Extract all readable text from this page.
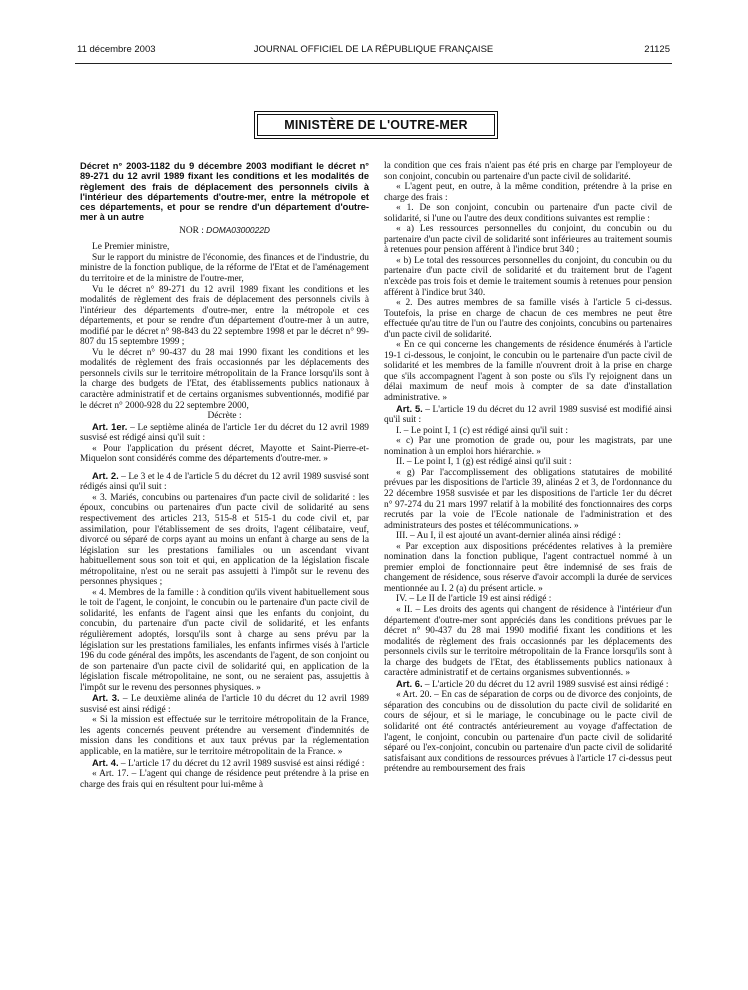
11 décembre 2003	JOURNAL OFFICIEL DE LA RÉPUBLIQUE FRANÇAISE	21125
MINISTÈRE DE L'OUTRE-MER

Décret n° 2003-1182 du 9 décembre 2003 modifiant le décret n° 89-271 du 12 avril 1989 fixant les conditions et les modalités de règlement des frais de déplacement des personnels civils à l'intérieur des départements d'outre-mer, entre la métropole et ces départements, et pour se rendre d'un département d'outre-mer à un autre

NOR : DOMA0300022D

Le Premier ministre,

Sur le rapport du ministre de l'économie, des finances et de l'industrie, du ministre de la fonction publique, de la réforme de l'Etat et de l'aménagement du territoire et de la ministre de l'outre-mer,

Vu le décret n° 89-271 du 12 avril 1989 fixant les conditions et les modalités de règlement des frais de déplacement des personnels civils à l'intérieur des départements d'outre-mer, entre la métropole et ces départements, et pour se rendre d'un département d'outre-mer à un autre, modifié par le décret n° 98-843 du 22 septembre 1998 et par le décret n° 99-807 du 15 septembre 1999 ;

Vu le décret n° 90-437 du 28 mai 1990 fixant les conditions et les modalités de règlement des frais occasionnés par les déplacements des personnels civils sur le territoire métropolitain de la France lorsqu'ils sont à la charge des budgets de l'Etat, des établissements publics nationaux à caractère administratif et de certains organismes subventionnés, modifié par le décret n° 2000-928 du 22 septembre 2000,

Décrète :

Art. 1er. – Le septième alinéa de l'article 1er du décret du 12 avril 1989 susvisé est rédigé ainsi qu'il suit :

« Pour l'application du présent décret, Mayotte et Saint-Pierre-et-Miquelon sont considérés comme des départements d'outre-mer. »

Art. 2. – Le 3 et le 4 de l'article 5 du décret du 12 avril 1989 susvisé sont rédigés ainsi qu'il suit :

« 3. Mariés, concubins ou partenaires d'un pacte civil de solidarité : les époux, concubins ou partenaires d'un pacte civil de solidarité au sens respectivement des articles 213, 515-8 et 515-1 du code civil et, par assimilation, pour l'établissement de ses droits, l'agent célibataire, veuf, divorcé ou séparé de corps ayant au moins un enfant à charge au sens de la législation sur les prestations familiales ou un ascendant vivant habituellement sous son toit et qui, en application de la législation fiscale métropolitaine, n'est ou ne serait pas assujetti à l'impôt sur le revenu des personnes physiques ;

« 4. Membres de la famille : à condition qu'ils vivent habituellement sous le toit de l'agent, le conjoint, le concubin ou le partenaire d'un pacte civil de solidarité, les enfants de l'agent ainsi que les enfants du conjoint, du concubin, du partenaire d'un pacte civil de solidarité, et les enfants régulièrement adoptés, lorsqu'ils sont à charge au sens prévu par la législation sur les prestations familiales, les enfants infirmes visés à l'article 196 du code général des impôts, les ascendants de l'agent, de son conjoint ou de son partenaire d'un pacte civil de solidarité qui, en application de la législation fiscale métropolitaine, ne sont, ou ne seraient pas, assujettis à l'impôt sur le revenu des personnes physiques. »

Art. 3. – Le deuxième alinéa de l'article 10 du décret du 12 avril 1989 susvisé est ainsi rédigé :

« Si la mission est effectuée sur le territoire métropolitain de la France, les agents concernés peuvent prétendre au versement d'indemnités de mission dans les conditions et aux taux prévus par la réglementation applicable, en la matière, sur le territoire métropolitain de la France. »

Art. 4. – L'article 17 du décret du 12 avril 1989 susvisé est ainsi rédigé :

« Art. 17. – L'agent qui change de résidence peut prétendre à la prise en charge des frais qui en résultent pour lui-même à

la condition que ces frais n'aient pas été pris en charge par l'employeur de son conjoint, concubin ou partenaire d'un pacte civil de solidarité.

« L'agent peut, en outre, à la même condition, prétendre à la prise en charge des frais :

« 1. De son conjoint, concubin ou partenaire d'un pacte civil de solidarité, si l'une ou l'autre des deux conditions suivantes est remplie :

« a) Les ressources personnelles du conjoint, du concubin ou du partenaire d'un pacte civil de solidarité sont inférieures au traitement soumis à retenues pour pension afférent à l'indice brut 340 ;

« b) Le total des ressources personnelles du conjoint, du concubin ou du partenaire d'un pacte civil de solidarité et du traitement brut de l'agent n'excède pas trois fois et demie le traitement soumis à retenues pour pension afférent à l'indice brut 340.

« 2. Des autres membres de sa famille visés à l'article 5 ci-dessus. Toutefois, la prise en charge de chacun de ces membres ne peut être effectuée qu'au titre de l'un ou l'autre des conjoints, concubins ou partenaires d'un pacte civil de solidarité.

« En ce qui concerne les changements de résidence énumérés à l'article 19-1 ci-dessous, le conjoint, le concubin ou le partenaire d'un pacte civil de solidarité et les membres de la famille n'ouvrent droit à la prise en charge que s'ils accompagnent l'agent à son poste ou s'ils l'y rejoignent dans un délai maximum de neuf mois à compter de sa date d'installation administrative. »

Art. 5. – L'article 19 du décret du 12 avril 1989 susvisé est modifié ainsi qu'il suit :

I. – Le point I, 1 (c) est rédigé ainsi qu'il suit :

« c) Par une promotion de grade ou, pour les magistrats, par une nomination à un emploi hors hiérarchie. »

II. – Le point I, 1 (g) est rédigé ainsi qu'il suit :

« g) Par l'accomplissement des obligations statutaires de mobilité prévues par les dispositions de l'article 39, alinéas 2 et 3, de l'ordonnance du 22 décembre 1958 susvisée et par les dispositions de l'article 1er du décret n° 97-274 du 21 mars 1997 relatif à la mobilité des fonctionnaires des corps recrutés par la voie de l'Ecole nationale de l'administration et des administrateurs des postes et télécommunications. »

III. – Au I, il est ajouté un avant-dernier alinéa ainsi rédigé :

« Par exception aux dispositions précédentes relatives à la première nomination dans la fonction publique, l'agent contractuel nommé à un premier emploi de fonctionnaire peut être indemnisé de ses frais de changement de résidence, sous réserve d'avoir accompli la durée de services mentionnée au I. 2 (a) du présent article. »

IV. – Le II de l'article 19 est ainsi rédigé :

« II. – Les droits des agents qui changent de résidence à l'intérieur d'un département d'outre-mer sont appréciés dans les conditions prévues par le décret n° 90-437 du 28 mai 1990 modifié fixant les conditions et les modalités de règlement des frais occasionnés par les déplacements des personnels civils sur le territoire métropolitain de la France lorsqu'ils sont à la charge des budgets de l'Etat, des établissements publics nationaux à caractère administratif et de certains organismes subventionnés. »

Art. 6. – L'article 20 du décret du 12 avril 1989 susvisé est ainsi rédigé :

« Art. 20. – En cas de séparation de corps ou de divorce des conjoints, de séparation des concubins ou de dissolution du pacte civil de solidarité en cours de séjour, et si le mariage, le concubinage ou le pacte civil de solidarité ont été contractés antérieurement au voyage d'affectation de l'agent, le conjoint, concubin ou partenaire d'un pacte civil de solidarité séparé ou l'ex-conjoint, concubin ou partenaire d'un pacte civil de solidarité satisfaisant aux conditions de ressources prévues à l'article 17 ci-dessus peut prétendre au remboursement des frais
